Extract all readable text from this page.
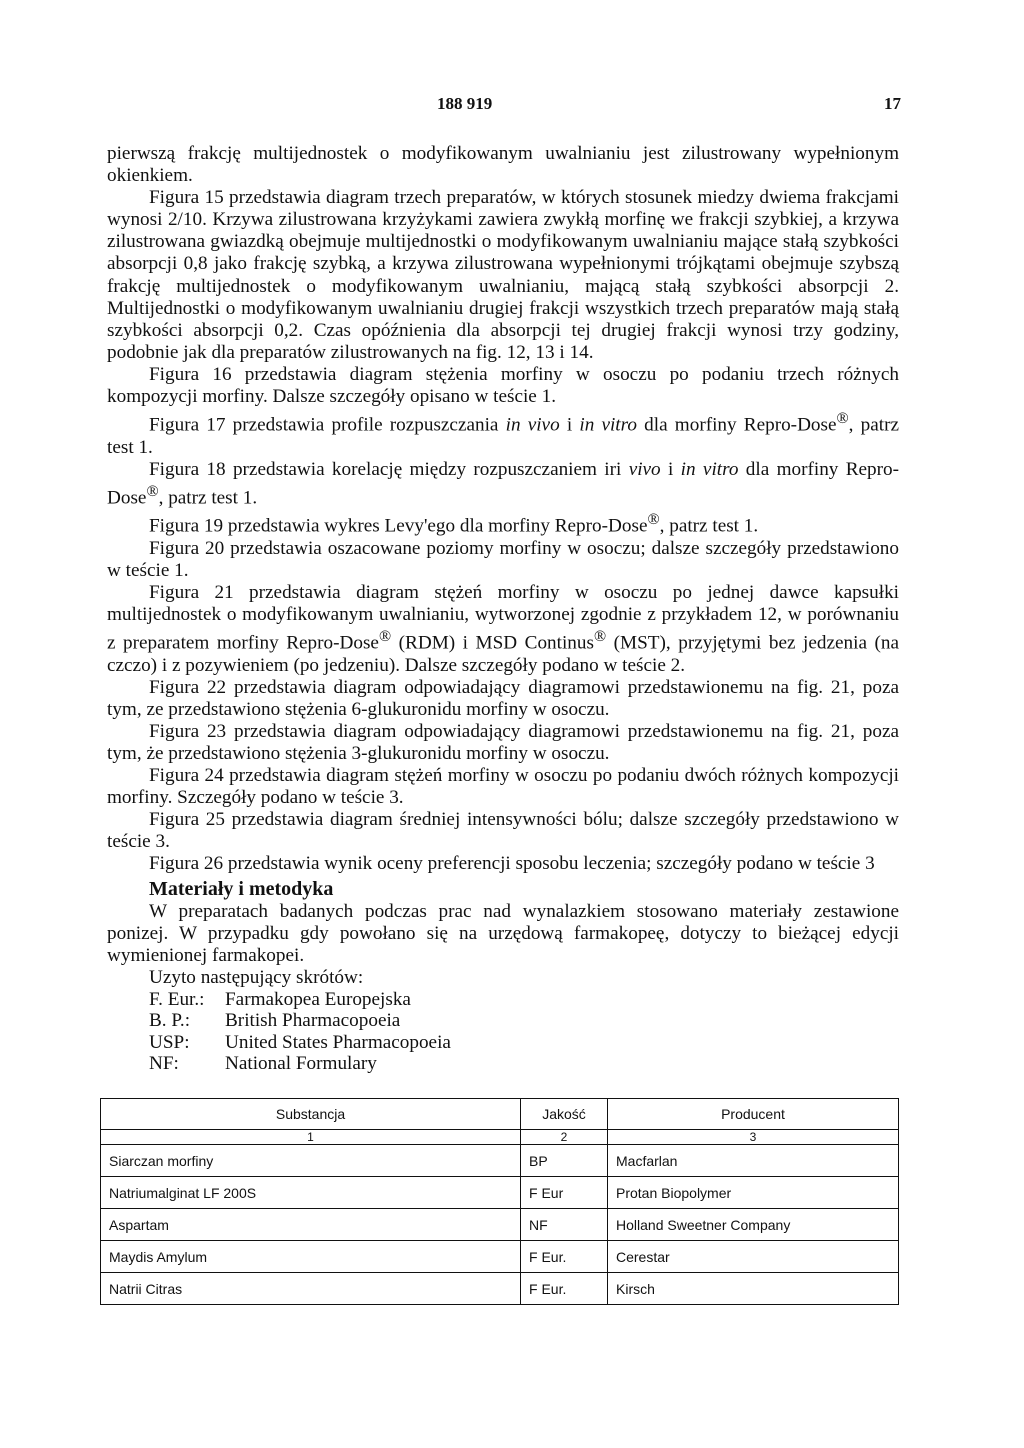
188 919	17

pierwszą frakcję multijednostek o modyfikowanym uwalnianiu jest zilustrowany wypełnionym okienkiem.

Figura 15 przedstawia diagram trzech preparatów, w których stosunek miedzy dwiema frakcjami wynosi 2/10. Krzywa zilustrowana krzyżykami zawiera zwykłą morfinę we frakcji szybkiej, a krzywa zilustrowana gwiazdką obejmuje multijednostki o modyfikowanym uwalnianiu mające stałą szybkości absorpcji 0,8 jako frakcję szybką, a krzywa zilustrowana wypełnionymi trójkątami obejmuje szybszą frakcję multijednostek o modyfikowanym uwalnianiu, mającą stałą szybkości absorpcji 2. Multijednostki o modyfikowanym uwalnianiu drugiej frakcji wszystkich trzech preparatów mają stałą szybkości absorpcji 0,2. Czas opóźnienia dla absorpcji tej drugiej frakcji wynosi trzy godziny, podobnie jak dla preparatów zilustrowanych na fig. 12, 13 i 14.

Figura 16 przedstawia diagram stężenia morfiny w osoczu po podaniu trzech różnych kompozycji morfiny. Dalsze szczegóły opisano w teście 1.

Figura 17 przedstawia profile rozpuszczania in vivo i in vitro dla morfiny Repro-Dose®, patrz test 1.

Figura 18 przedstawia korelację między rozpuszczaniem iri vivo i in vitro dla morfiny Repro-Dose®, patrz test 1.

Figura 19 przedstawia wykres Levy'ego dla morfiny Repro-Dose®, patrz test 1.

Figura 20 przedstawia oszacowane poziomy morfiny w osoczu; dalsze szczegóły przedstawiono w teście 1.

Figura 21 przedstawia diagram stężeń morfiny w osoczu po jednej dawce kapsułki multijednostek o modyfikowanym uwalnianiu, wytworzonej zgodnie z przykładem 12, w porównaniu z preparatem morfiny Repro-Dose® (RDM) i MSD Continus® (MST), przyjętymi bez jedzenia (na czczo) i z pozywieniem (po jedzeniu). Dalsze szczegóły podano w teście 2.

Figura 22 przedstawia diagram odpowiadający diagramowi przedstawionemu na fig. 21, poza tym, ze przedstawiono stężenia 6-glukuronidu morfiny w osoczu.

Figura 23 przedstawia diagram odpowiadający diagramowi przedstawionemu na fig. 21, poza tym, że przedstawiono stężenia 3-glukuronidu morfiny w osoczu.

Figura 24 przedstawia diagram stężeń morfiny w osoczu po podaniu dwóch różnych kompozycji morfiny. Szczegóły podano w teście 3.

Figura 25 przedstawia diagram średniej intensywności bólu; dalsze szczegóły przedstawiono w teście 3.

Figura 26 przedstawia wynik oceny preferencji sposobu leczenia; szczegóły podano w teście 3

Materiały i metodyka

W preparatach badanych podczas prac nad wynalazkiem stosowano materiały zestawione ponizej. W przypadku gdy powołano się na urzędową farmakopeę, dotyczy to bieżącej edycji wymienionej farmakopei.

Uzyto następujący skrótów:

F. Eur.: Farmakopea Europejska
B. P.: British Pharmacopoeia
USP: United States Pharmacopoeia
NF: National Formulary
Substancja	Jakość	Producent
1	2	3
Siarczan morfiny	BP	Macfarlan
Natriumalginat LF 200S	F Eur	Protan Biopolymer
Aspartam	NF	Holland Sweetner Company
Maydis Amylum	F Eur.	Cerestar
Natrii Citras	F Eur.	Kirsch
